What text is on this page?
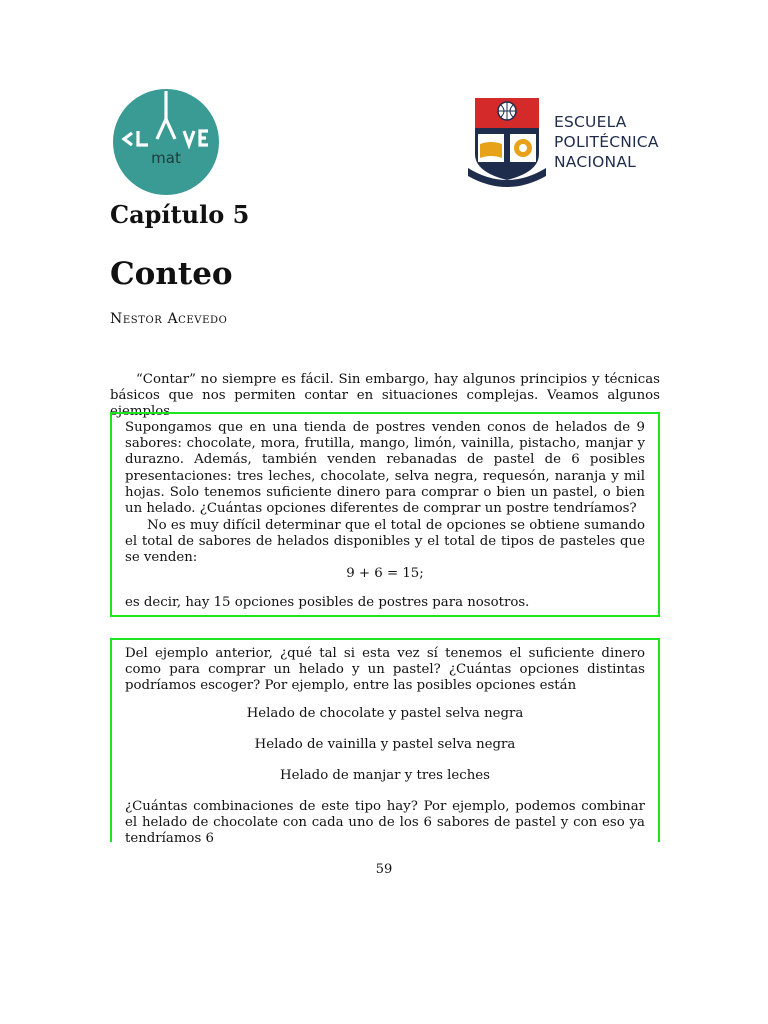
mat
ESCUELA
POLITÉCNICA
NACIONAL
Capítulo 5
Conteo
Nestor Acevedo

“Contar” no siempre es fácil. Sin embargo, hay algunos principios y técnicas básicos que nos permiten contar en situaciones complejas. Veamos algunos ejemplos

Supongamos que en una tienda de postres venden conos de helados de 9 sabores: chocolate, mora, frutilla, mango, limón, vainilla, pistacho, manjar y durazno. Además, también venden rebanadas de pastel de 6 posibles presentaciones: tres leches, chocolate, selva negra, requesón, naranja y mil hojas. Solo tenemos suficiente dinero para comprar o bien un pastel, o bien un helado. ¿Cuántas opciones diferentes de comprar un postre tendríamos?

No es muy difícil determinar que el total de opciones se obtiene sumando el total de sabores de helados disponibles y el total de tipos de pasteles que se venden:

9 + 6 = 15;

es decir, hay 15 opciones posibles de postres para nosotros.

Del ejemplo anterior, ¿qué tal si esta vez sí tenemos el suficiente dinero como para comprar un helado y un pastel? ¿Cuántas opciones distintas podríamos escoger? Por ejemplo, entre las posibles opciones están

Helado de chocolate y pastel selva negra
Helado de vainilla y pastel selva negra
Helado de manjar y tres leches

¿Cuántas combinaciones de este tipo hay? Por ejemplo, podemos combinar el helado de chocolate con cada uno de los 6 sabores de pastel y con eso ya tendríamos 6

59
